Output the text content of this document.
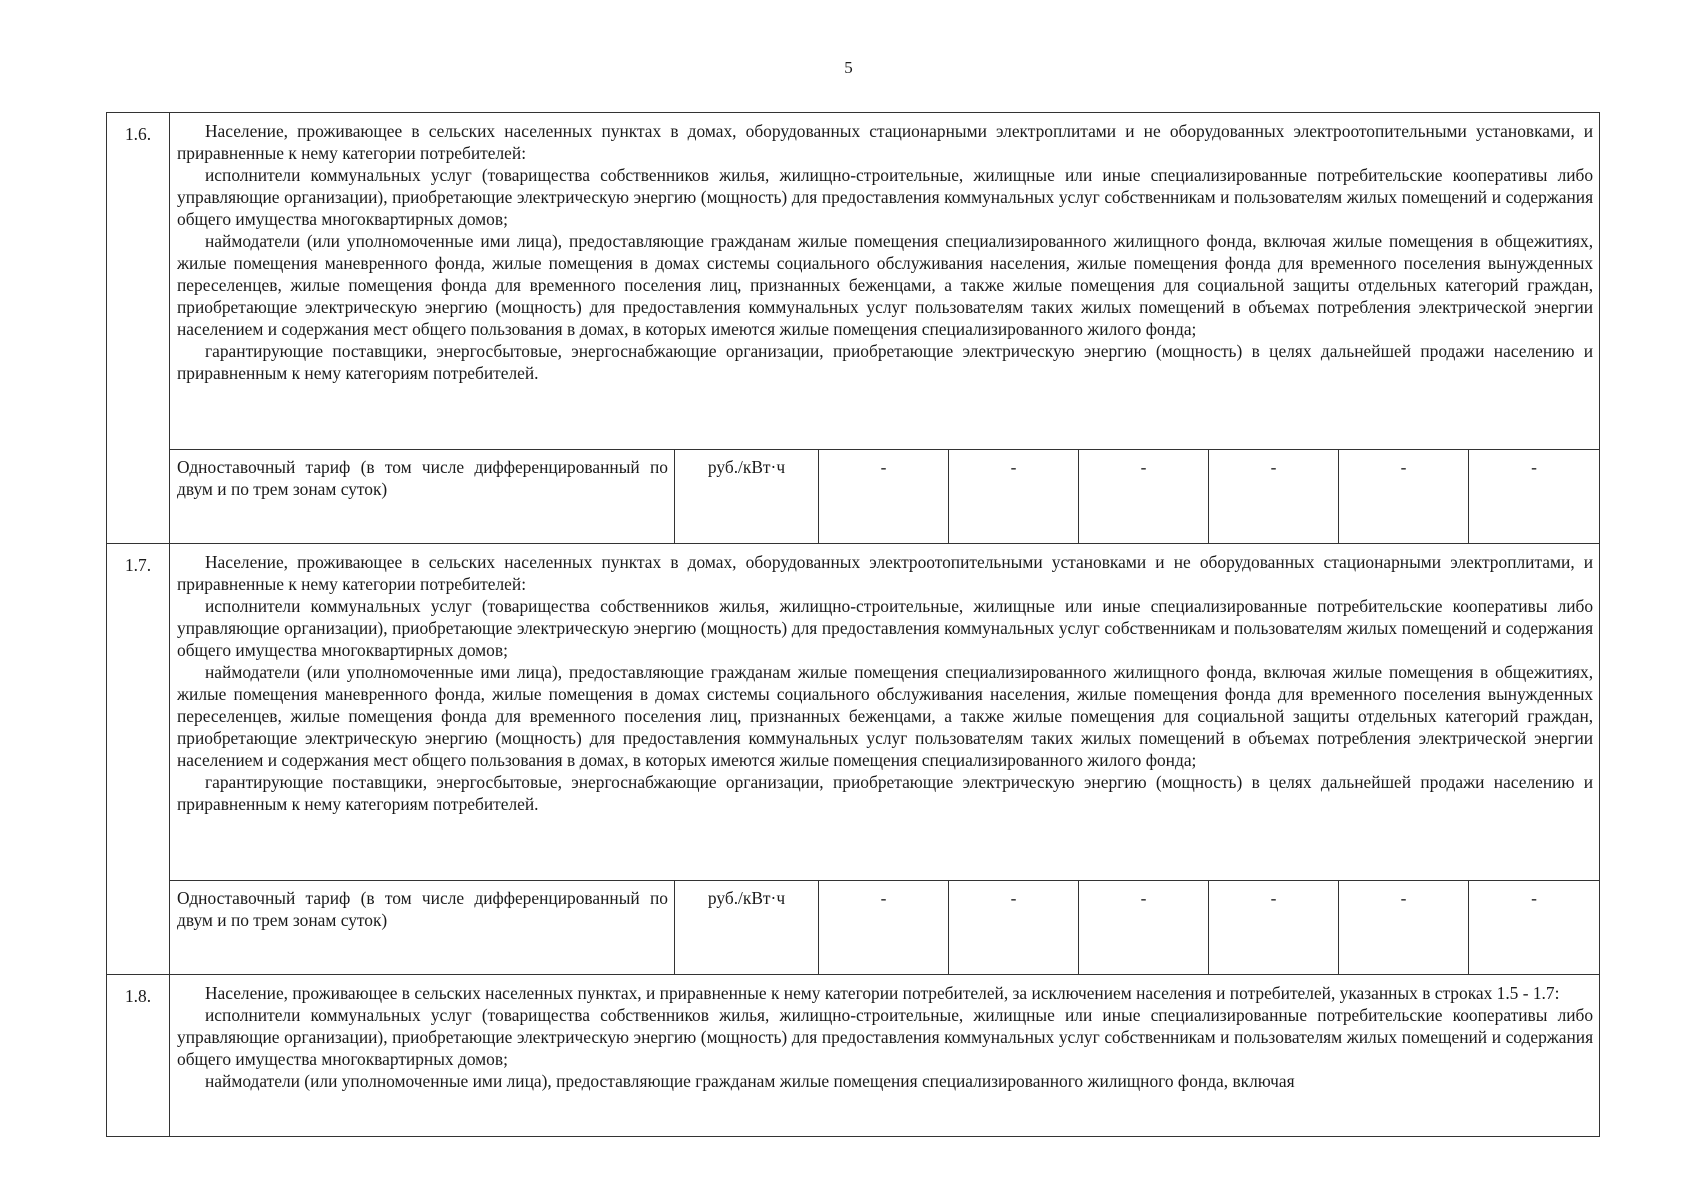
5
1.6.	Население, проживающее в сельских населенных пунктах в домах, оборудованных стационарными электроплитами и не оборудованных электроотопительными установками, и приравненные к нему категории потребителей:

исполнители коммунальных услуг (товарищества собственников жилья, жилищно-строительные, жилищные или иные специализированные потребительские кооперативы либо управляющие организации), приобретающие электрическую энергию (мощность) для предоставления коммунальных услуг собственникам и пользователям жилых помещений и содержания общего имущества многоквартирных домов;

наймодатели (или уполномоченные ими лица), предоставляющие гражданам жилые помещения специализированного жилищного фонда, включая жилые помещения в общежитиях, жилые помещения маневренного фонда, жилые помещения в домах системы социального обслуживания населения, жилые помещения фонда для временного поселения вынужденных переселенцев, жилые помещения фонда для временного поселения лиц, признанных беженцами, а также жилые помещения для социальной защиты отдельных категорий граждан, приобретающие электрическую энергию (мощность) для предоставления коммунальных услуг пользователям таких жилых помещений в объемах потребления электрической энергии населением и содержания мест общего пользования в домах, в которых имеются жилые помещения специализированного жилого фонда;

гарантирующие поставщики, энергосбытовые, энергоснабжающие организации, приобретающие электрическую энергию (мощность) в целях дальнейшей продажи населению и приравненным к нему категориям потребителей.							

	Одноставочный тариф (в том числе дифференцированный по двум и по трем зонам суток)	руб./кВт·ч	-	-	-	-	-	-
1.7.	Население, проживающее в сельских населенных пунктах в домах, оборудованных электроотопительными установками и не оборудованных стационарными электроплитами, и приравненные к нему категории потребителей:

исполнители коммунальных услуг (товарищества собственников жилья, жилищно-строительные, жилищные или иные специализированные потребительские кооперативы либо управляющие организации), приобретающие электрическую энергию (мощность) для предоставления коммунальных услуг собственникам и пользователям жилых помещений и содержания общего имущества многоквартирных домов;

наймодатели (или уполномоченные ими лица), предоставляющие гражданам жилые помещения специализированного жилищного фонда, включая жилые помещения в общежитиях, жилые помещения маневренного фонда, жилые помещения в домах системы социального обслуживания населения, жилые помещения фонда для временного поселения вынужденных переселенцев, жилые помещения фонда для временного поселения лиц, признанных беженцами, а также жилые помещения для социальной защиты отдельных категорий граждан, приобретающие электрическую энергию (мощность) для предоставления коммунальных услуг пользователям таких жилых помещений в объемах потребления электрической энергии населением и содержания мест общего пользования в домах, в которых имеются жилые помещения специализированного жилого фонда;

гарантирующие поставщики, энергосбытовые, энергоснабжающие организации, приобретающие электрическую энергию (мощность) в целях дальнейшей продажи населению и приравненным к нему категориям потребителей.							

	Одноставочный тариф (в том числе дифференцированный по двум и по трем зонам суток)	руб./кВт·ч	-	-	-	-	-	-
1.8.	Население, проживающее в сельских населенных пунктах, и приравненные к нему категории потребителей, за исключением населения и потребителей, указанных в строках 1.5 - 1.7:

исполнители коммунальных услуг (товарищества собственников жилья, жилищно-строительные, жилищные или иные специализированные потребительские кооперативы либо управляющие организации), приобретающие электрическую энергию (мощность) для предоставления коммунальных услуг собственникам и пользователям жилых помещений и содержания общего имущества многоквартирных домов;

наймодатели (или уполномоченные ими лица), предоставляющие гражданам жилые помещения специализированного жилищного фонда, включая							
